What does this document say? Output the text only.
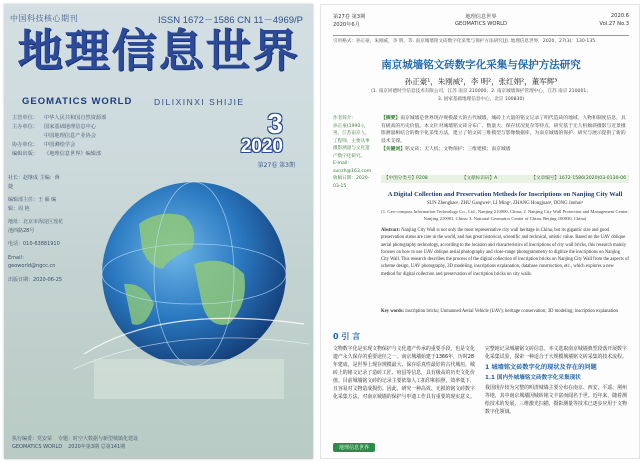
中国科技核心期刊	ISSN 1672－1586 CN 11－4969/P
地理信息世界
GEOMATICS WORLD	DILIXINXI SHIJIE
3
2020
第27卷 第3期
主管单位：	中华人民共和国自然资源部
主办单位：	国家基础地理信息中心
中国地理信息产业协会
协办单位：	中国测绘学会
编辑出版：	《地理信息世界》编辑部

社长：赵继成 主编：蒋 捷

编辑部主任：王 硕 编辑：周 艳

地址：北京市海淀区莲花池西路28号

电话：010-63881910

Email：geoworld@ngcc.cn

出版日期：2020-06-25

执行编委：党安荣 专题：时空大数据与新型城镇化建设
GEOMATICS WORLD 2020年第3期 总第141期
第27卷 第3期
2020年6月
地理信息世界
GEOMATICS WORLD
2020.6
Vol.27 No.3
引用格式：孙正豪，朱刚威，李 明，等. 南京城墙铭文砖数字化采集与保护方法研究[J]. 地理信息世界，2020，27(3)：130-135.
南京城墙铭文砖数字化采集与保护方法研究
孙正豪¹，朱刚威²，李 明²，张红娟²，董军辉³
(1. 南京同德时空信息技术有限公司，江苏 南京 210000；2. 南京城墙保护管理中心，江苏 南京 210001；
3. 国家基础地理信息中心，北京 100830)
作者简介：
孙正豪(1990-)，男，江苏南京人，工程师，主要从事摄影测量与文化遗产数字化研究。
E-mail：sunzh@163.com
收稿日期：2020-03-15

【摘要】南京城墙是世界现存规模最大的古代城墙，城砖上大量的铭文记录了明代造砖的地域、人物和制度信息，具有极高的历史价值。本文针对城墙铭文砖分布广、数量大、保存状况复杂等特点，研究基于无人机倾斜摄影与近景摄影测量相结合的数字化采集方法，建立了铭文砖三维模型与影像数据库，为南京城墙的保护、研究与展示提供了新的技术支撑。

【关键词】铭文砖；无人机；文物保护；三维建模；南京城墙

【中图分类号】P208	【文献标识码】A	【文章编号】1672-1586(2020)03-0130-06
A Digital Collection and Preservation Methods for Inscriptions on Nanjing City Wall
SUN Zhenghao¹, ZHU Gangwei², LI Ming², ZHANG Hongjuan², DONG Junhui³
(1. Geo-compass Information Technology Co., Ltd., Nanjing 210000, China; 2. Nanjing City Wall Protection and Management Center, Nanjing 210001, China; 3. National Geomatics Center of China, Beijing 100830, China)
Abstract: Nanjing City Wall is not only the most representative city wall heritage in China, but its gigantic size and good preservation status are rare in the world, and has great historical, scientific and technical, artistic value. Based on the UAV oblique aerial photography technology, according to the location and characteristics of inscriptions of city wall bricks, this research mainly focuses on how to use UAV oblique aerial photography and close-range photogrammetry to digitize the inscriptions on Nanjing City Wall. This research describes the process of the digital collection of inscription bricks on Nanjing City Wall from the aspects of scheme design, UAV photography, 3D modeling, inscriptions explanation, database construction, etc., which explores a new method for digital collection and preservation of inscription bricks on city walls.
Key words: inscription bricks; Unmanned Aerial Vehicle (UAV); heritage conservation; 3D modeling; inscription explanation
0 引 言
文物数字化是实现文物保护与文化遗产传承的重要手段，也是文化遗产永久保存的重要途径之一。南京城墙始建于1366年，历时28年建成，是世界上现存规模最大、保存原真性最好的古代城垣，城砖上的铭文记录了造砖工匠、府县等信息，具有极高的历史文化价值。目前城墙铭文砖的记录主要依靠人工拓印和拍照，效率低下，且容易对文物造成损伤。因此，研究一种高效、无损的铭文砖数字化采集方法，对南京城墙的保护与申遗工作具有重要的现实意义。
完整地记录城墙铭文砖信息，本文选取南京城墙典型段落开展数字化采集试验，探索一种适合于大规模城墙铭文砖采集的技术流程。
1 城墙铭文砖数字化的现状及存在的问题
1.1 国内外城墙铭文砖数字化采集现状
我国现存较为完整的明清城墙主要分布在南京、西安、平遥、荆州等地，其中南京城墙因城砖铭文丰富而闻名于世。近年来，随着测绘技术的发展，三维激光扫描、摄影测量等技术已逐步应用于文物数字化领域。
地理信息世界
